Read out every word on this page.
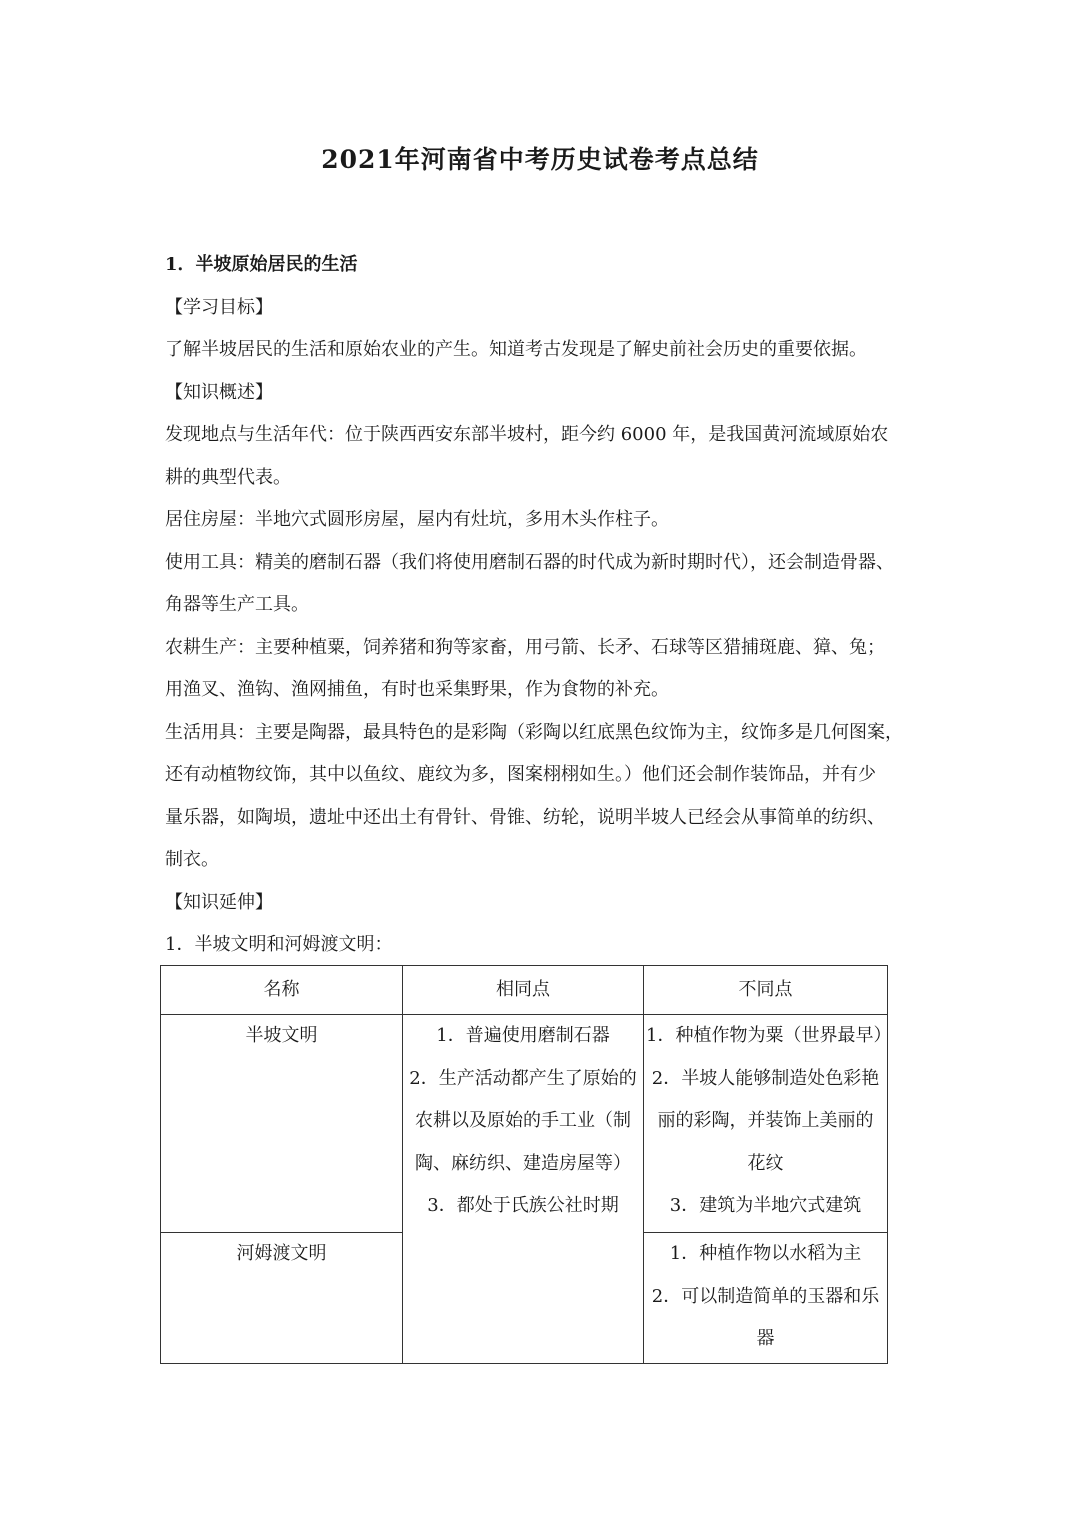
2021年河南省中考历史试卷考点总结

1．半坡原始居民的生活

【学习目标】

了解半坡居民的生活和原始农业的产生。知道考古发现是了解史前社会历史的重要依据。

【知识概述】

发现地点与生活年代：位于陕西西安东部半坡村，距今约 6000 年，是我国黄河流域原始农

耕的典型代表。

居住房屋：半地穴式圆形房屋，屋内有灶坑，多用木头作柱子。

使用工具：精美的磨制石器（我们将使用磨制石器的时代成为新时期时代），还会制造骨器、

角器等生产工具。

农耕生产：主要种植粟，饲养猪和狗等家畜，用弓箭、长矛、石球等区猎捕斑鹿、獐、兔；

用渔叉、渔钩、渔网捕鱼，有时也采集野果，作为食物的补充。

生活用具：主要是陶器，最具特色的是彩陶（彩陶以红底黑色纹饰为主，纹饰多是几何图案，

还有动植物纹饰，其中以鱼纹、鹿纹为多，图案栩栩如生。）他们还会制作装饰品，并有少

量乐器，如陶埙，遗址中还出土有骨针、骨锥、纺轮，说明半坡人已经会从事简单的纺织、

制衣。

【知识延伸】

1．半坡文明和河姆渡文明：

名称	相同点	不同点
半坡文明	1．普遍使用磨制石器
2．生产活动都产生了原始的
农耕以及原始的手工业（制
陶、麻纺织、建造房屋等）
3．都处于氏族公社时期	1．种植作物为粟（世界最早）
2．半坡人能够制造处色彩艳
丽的彩陶，并装饰上美丽的
花纹
3．建筑为半地穴式建筑

河姆渡文明		1．种植作物以水稻为主
2．可以制造简单的玉器和乐
器
